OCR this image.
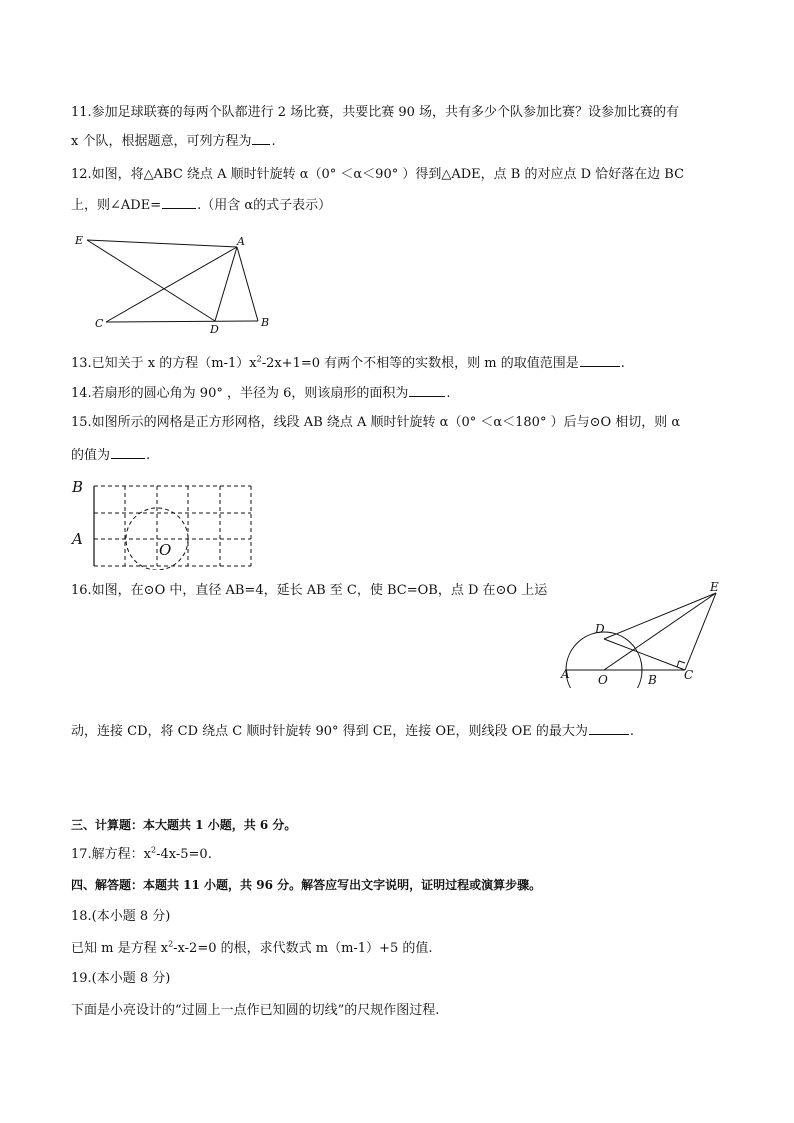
11.参加足球联赛的每两个队都进行 2 场比赛，共要比赛 90 场，共有多少个队参加比赛？设参加比赛的有
x 个队，根据题意，可列方程为 .
12.如图，将△ABC 绕点 A 顺时针旋转 α（0° ＜α＜90° ）得到△ADE，点 B 的对应点 D 恰好落在边 BC
上，则∠ADE=	.（用含 α的式子表示）
E	A
C	D
B
13.已知关于 x 的方程$(m-1)x^2-2x+1=0$ 有两个不相等的实数根，则 m 的取值范围是	.
14.若扇形的圆心角为 90° ，半径为 6，则该扇形的面积为	.
15.如图所示的网格是正方形网格，线段 AB 绕点 A 顺时针旋转 α（0° ＜α＜180° ）后与⊙O 相切，则 α
的值为	.
B
A
O
16.如图，在⊙O 中，直径 AB=4，延长 AB 至 C，使 BC=OB，点 D 在⊙O 上运	E
D
A O	B C
动，连接 CD，将 CD 绕点 C 顺时针旋转 90° 得到 CE，连接 OE，则线段 OE 的最大为	.
三、计算题：本大题共 1 小题，共 6 分。
17.解方程：$x^2-4x-5=0$.
四、解答题：本题共 11 小题，共 96 分。解答应写出文字说明，证明过程或演算步骤。
18.(本小题 8 分)
已知 m 是方程 $x^2-x-2=0$ 的根，求代数式 m（m-1）+5 的值.
19.(本小题 8 分)
下面是小亮设计的“过圆上一点作已知圆的切线”的尺规作图过程.
